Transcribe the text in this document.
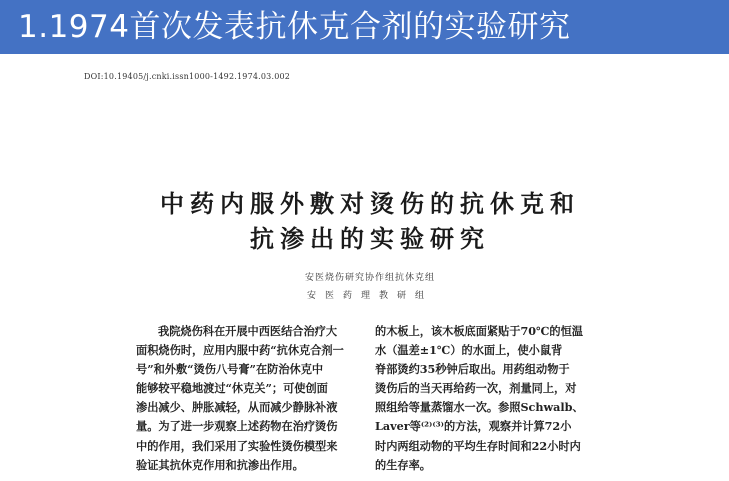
1.1974首次发表抗休克合剂的实验研究
DOI:10.19405/j.cnki.issn1000-1492.1974.03.002
中药内服外敷对烫伤的抗休克和
抗渗出的实验研究
安医烧伤研究协作组抗休克组
安医药理教研组
我院烧伤科在开展中西医结合治疗大
面积烧伤时，应用内服中药“抗休克合剂一
号”和外敷“烫伤八号膏”在防治休克中
能够较平稳地渡过“休克关”；可使创面
渗出减少、肿胀减轻，从而减少静脉补液
量。为了进一步观察上述药物在治疗烫伤
中的作用，我们采用了实验性烫伤模型来
验证其抗休克作用和抗渗出作用。
的木板上，该木板底面紧贴于70℃的恒温
水（温差±1℃）的水面上，使小鼠背
脊部烫约35秒钟后取出。用药组动物于
烫伤后的当天再给药一次，剂量同上，对
照组给等量蒸馏水一次。参照Schwalb、
Laver等⁽²⁾⁽³⁾的方法，观察并计算72小
时内两组动物的平均生存时间和22小时内
的生存率。
